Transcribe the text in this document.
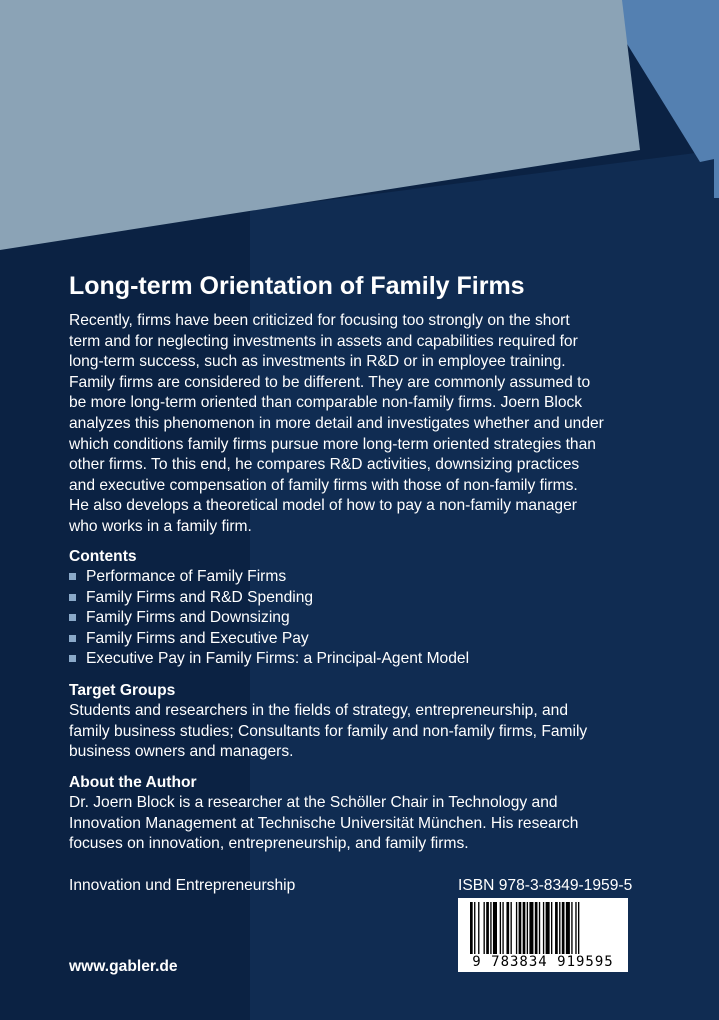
Long-term Orientation of Family Firms
Recently, firms have been criticized for focusing too strongly on the short
term and for neglecting investments in assets and capabilities required for
long-term success, such as investments in R&D or in employee training.
Family firms are considered to be different. They are commonly assumed to
be more long-term oriented than comparable non-family firms. Joern Block
analyzes this phenomenon in more detail and investigates whether and under
which conditions family firms pursue more long-term oriented strategies than
other firms. To this end, he compares R&D activities, downsizing practices
and executive compensation of family firms with those of non-family firms.
He also develops a theoretical model of how to pay a non-family manager
who works in a family firm.
Contents
Performance of Family Firms
Family Firms and R&D Spending
Family Firms and Downsizing
Family Firms and Executive Pay
Executive Pay in Family Firms: a Principal-Agent Model
Target Groups
Students and researchers in the fields of strategy, entrepreneurship, and
family business studies; Consultants for family and non-family firms, Family
business owners and managers.
About the Author
Dr. Joern Block is a researcher at the Schöller Chair in Technology and
Innovation Management at Technische Universität München. His research
focuses on innovation, entrepreneurship, and family firms.
Innovation und Entrepreneurship	ISBN 978-3-8349-1959-5
9 783834 919595
www.gabler.de
